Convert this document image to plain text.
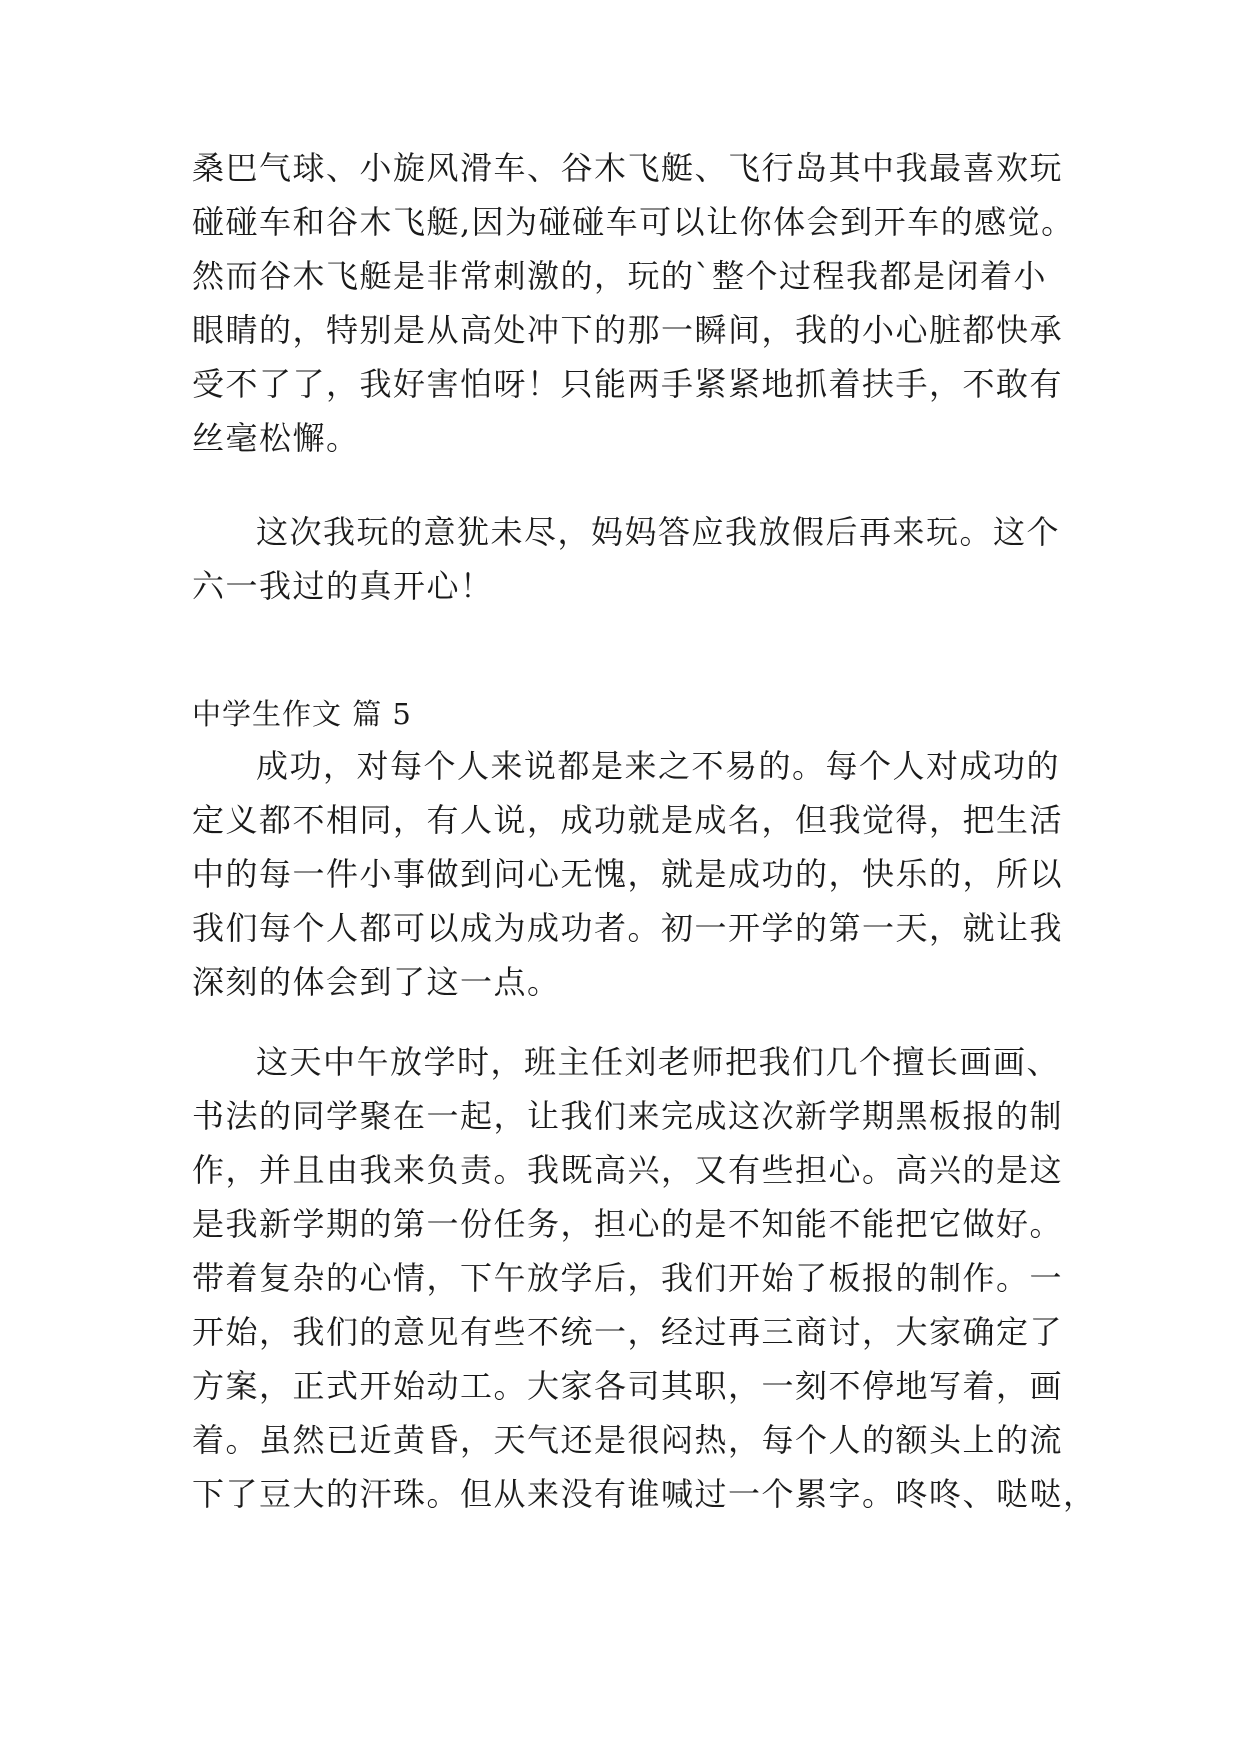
桑巴气球、小旋风滑车、谷木飞艇、飞行岛其中我最喜欢玩
碰碰车和谷木飞艇,因为碰碰车可以让你体会到开车的感觉。
然而谷木飞艇是非常刺激的，玩的`整个过程我都是闭着小
眼睛的，特别是从高处冲下的那一瞬间，我的小心脏都快承
受不了了，我好害怕呀！只能两手紧紧地抓着扶手，不敢有
丝毫松懈。
这次我玩的意犹未尽，妈妈答应我放假后再来玩。这个
六一我过的真开心！
中学生作文 篇 5
成功，对每个人来说都是来之不易的。每个人对成功的
定义都不相同，有人说，成功就是成名，但我觉得，把生活
中的每一件小事做到问心无愧，就是成功的，快乐的，所以
我们每个人都可以成为成功者。初一开学的第一天，就让我
深刻的体会到了这一点。
这天中午放学时，班主任刘老师把我们几个擅长画画、
书法的同学聚在一起，让我们来完成这次新学期黑板报的制
作，并且由我来负责。我既高兴，又有些担心。高兴的是这
是我新学期的第一份任务，担心的是不知能不能把它做好。
带着复杂的心情，下午放学后，我们开始了板报的制作。一
开始，我们的意见有些不统一，经过再三商讨，大家确定了
方案，正式开始动工。大家各司其职，一刻不停地写着，画
着。虽然已近黄昏，天气还是很闷热，每个人的额头上的流
下了豆大的汗珠。但从来没有谁喊过一个累字。咚咚、哒哒，
